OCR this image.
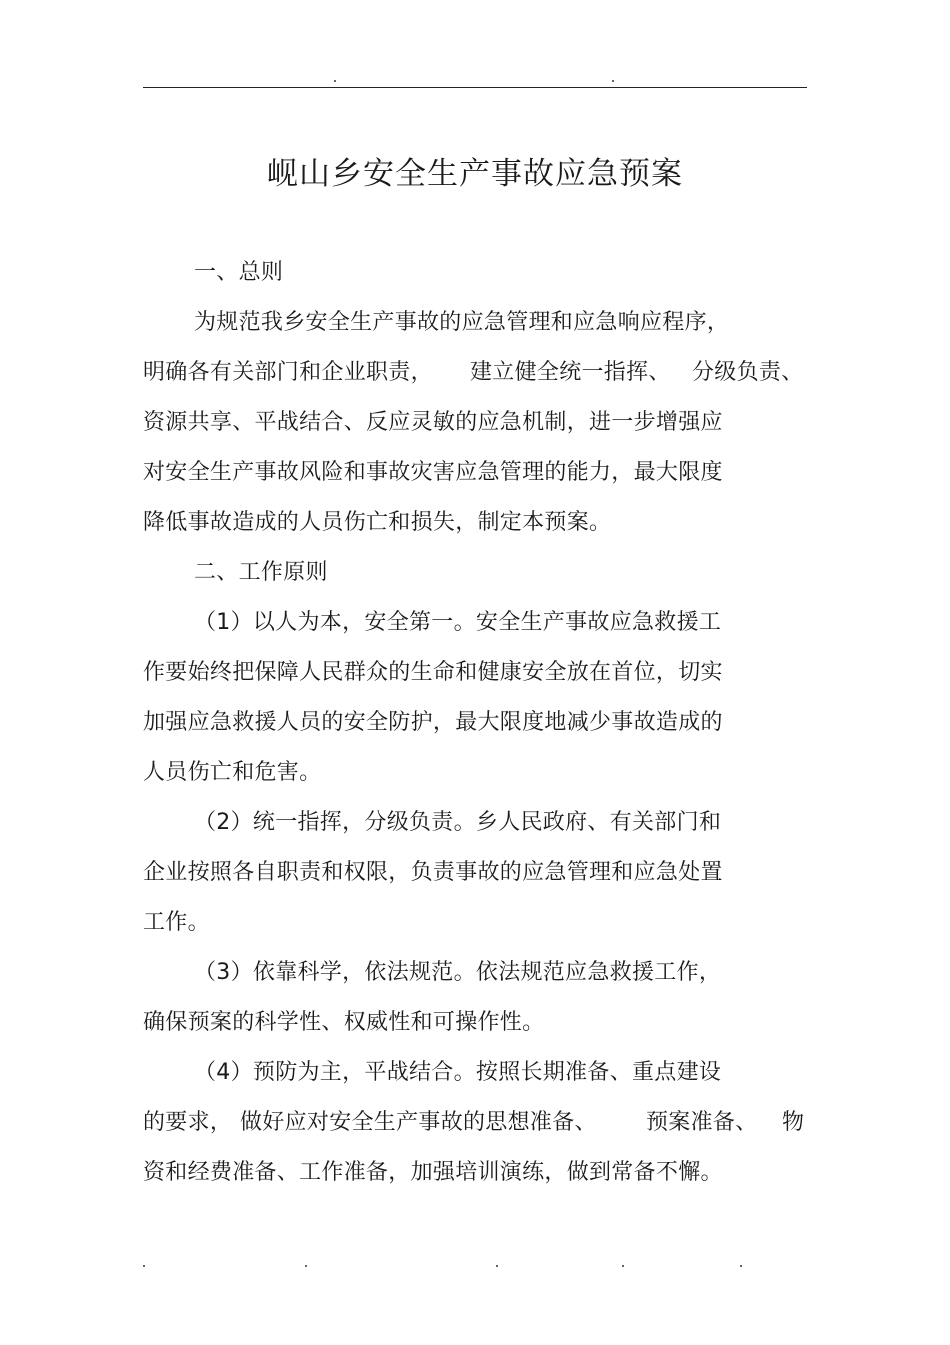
岘山乡安全生产事故应急预案
一、总则
为规范我乡安全生产事故的应急管理和应急响应程序，
明确各有关部门和企业职责， 建立健全统一指挥、 分级负责、
资源共享、平战结合、反应灵敏的应急机制，进一步增强应
对安全生产事故风险和事故灾害应急管理的能力，最大限度
降低事故造成的人员伤亡和损失，制定本预案。
二、工作原则
（1）以人为本，安全第一。安全生产事故应急救援工
作要始终把保障人民群众的生命和健康安全放在首位，切实
加强应急救援人员的安全防护，最大限度地减少事故造成的
人员伤亡和危害。
（2）统一指挥，分级负责。乡人民政府、有关部门和
企业按照各自职责和权限，负责事故的应急管理和应急处置
工作。
（3）依靠科学，依法规范。依法规范应急救援工作，
确保预案的科学性、权威性和可操作性。
（4）预防为主，平战结合。按照长期准备、重点建设
的要求， 做好应对安全生产事故的思想准备、 预案准备、 物
资和经费准备、工作准备，加强培训演练，做到常备不懈。
